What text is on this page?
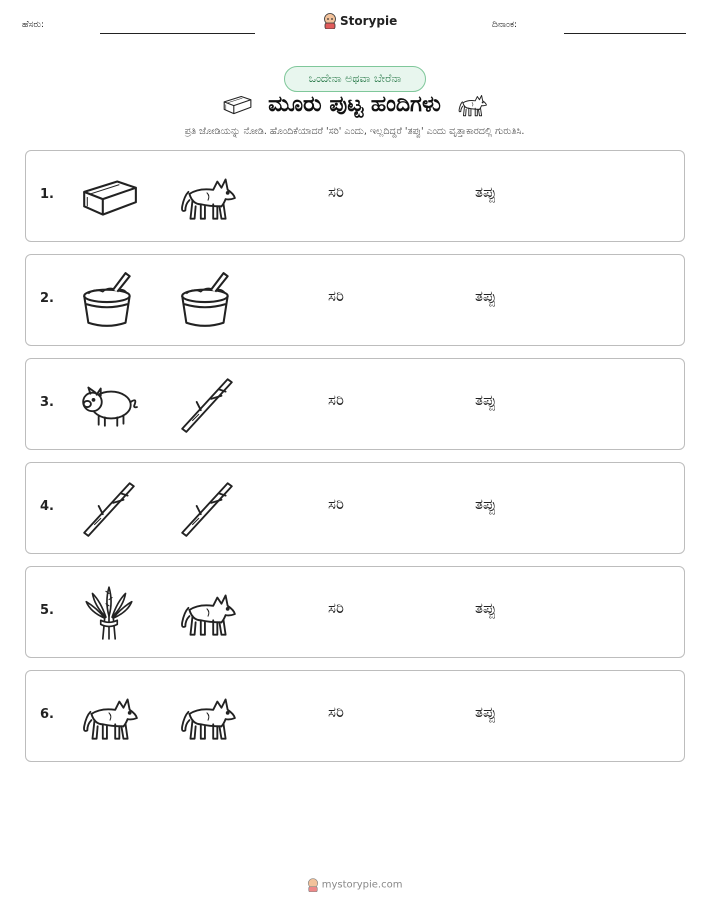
ಹೆಸರು:	Storypie	ದಿನಾಂಕ:
ಒಂದೇನಾ ಅಥವಾ ಬೇರೆನಾ
ಮೂರು ಪುಟ್ಟ ಹಂದಿಗಳು
ಪ್ರತಿ ಜೋಡಿಯನ್ನು ನೋಡಿ. ಹೊಂದಿಕೆಯಾದರೆ 'ಸರಿ' ಎಂದು, ಇಲ್ಲದಿದ್ದರೆ 'ತಪ್ಪು' ಎಂದು ವೃತ್ತಾಕಾರದಲ್ಲಿ ಗುರುತಿಸಿ.
1.	ಸರಿ	ತಪ್ಪು
2.	ಸರಿ	ತಪ್ಪು
3.	ಸರಿ	ತಪ್ಪು
4.	ಸರಿ	ತಪ್ಪು
5.	ಸರಿ	ತಪ್ಪು
6.	ಸರಿ	ತಪ್ಪು
mystorypie.com
